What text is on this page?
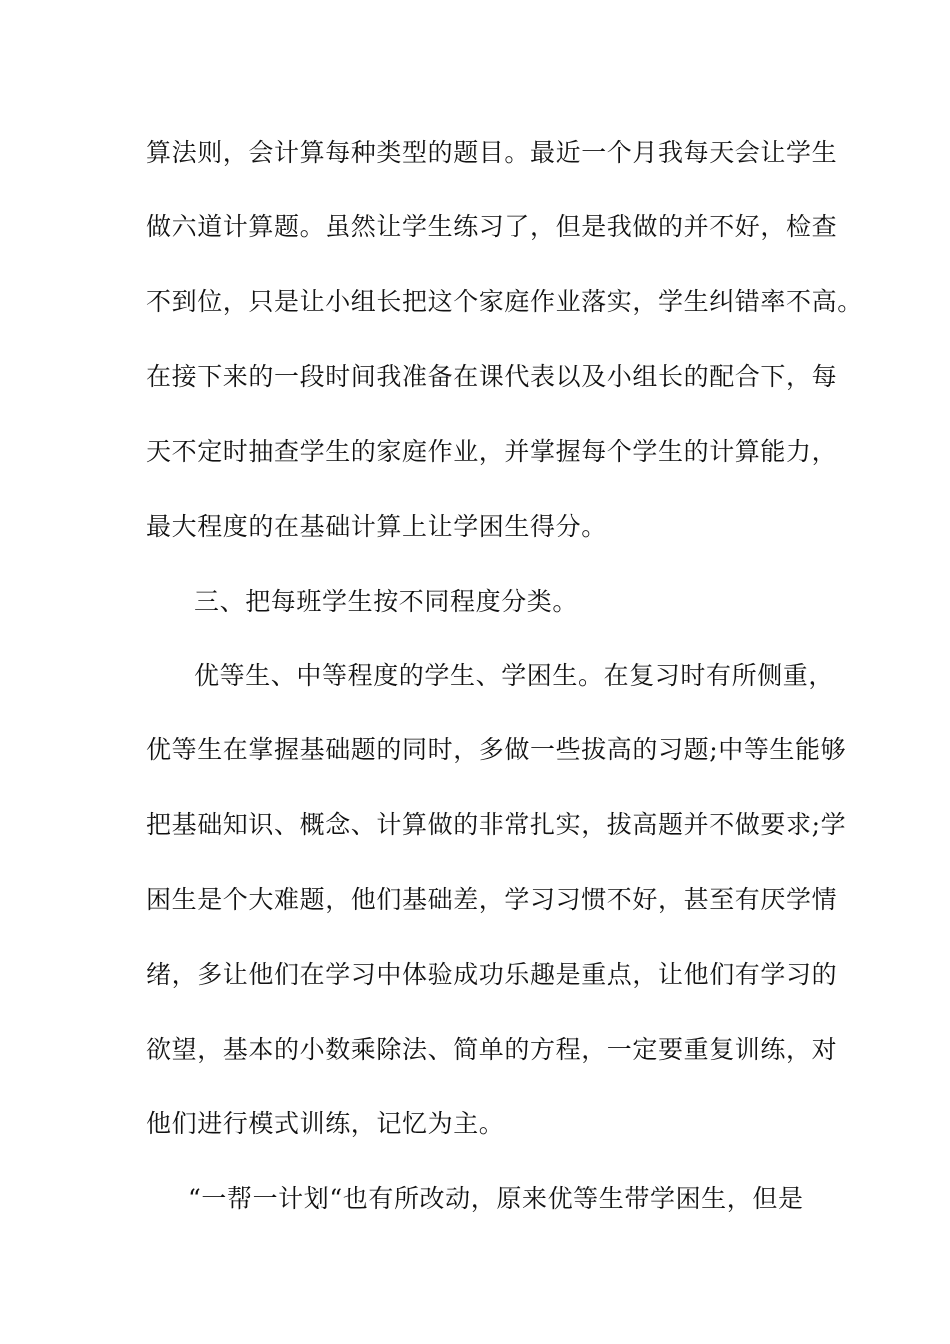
算法则，会计算每种类型的题目。最近一个月我每天会让学生
做六道计算题。虽然让学生练习了，但是我做的并不好，检查
不到位，只是让小组长把这个家庭作业落实，学生纠错率不高。
在接下来的一段时间我准备在课代表以及小组长的配合下，每
天不定时抽查学生的家庭作业，并掌握每个学生的计算能力，
最大程度的在基础计算上让学困生得分。
三、把每班学生按不同程度分类。
优等生、中等程度的学生、学困生。在复习时有所侧重，
优等生在掌握基础题的同时，多做一些拔高的习题;中等生能够
把基础知识、概念、计算做的非常扎实，拔高题并不做要求;学
困生是个大难题，他们基础差，学习习惯不好，甚至有厌学情
绪，多让他们在学习中体验成功乐趣是重点，让他们有学习的
欲望，基本的小数乘除法、简单的方程，一定要重复训练，对
他们进行模式训练，记忆为主。
“一帮一计划“也有所改动，原来优等生带学困生，但是
